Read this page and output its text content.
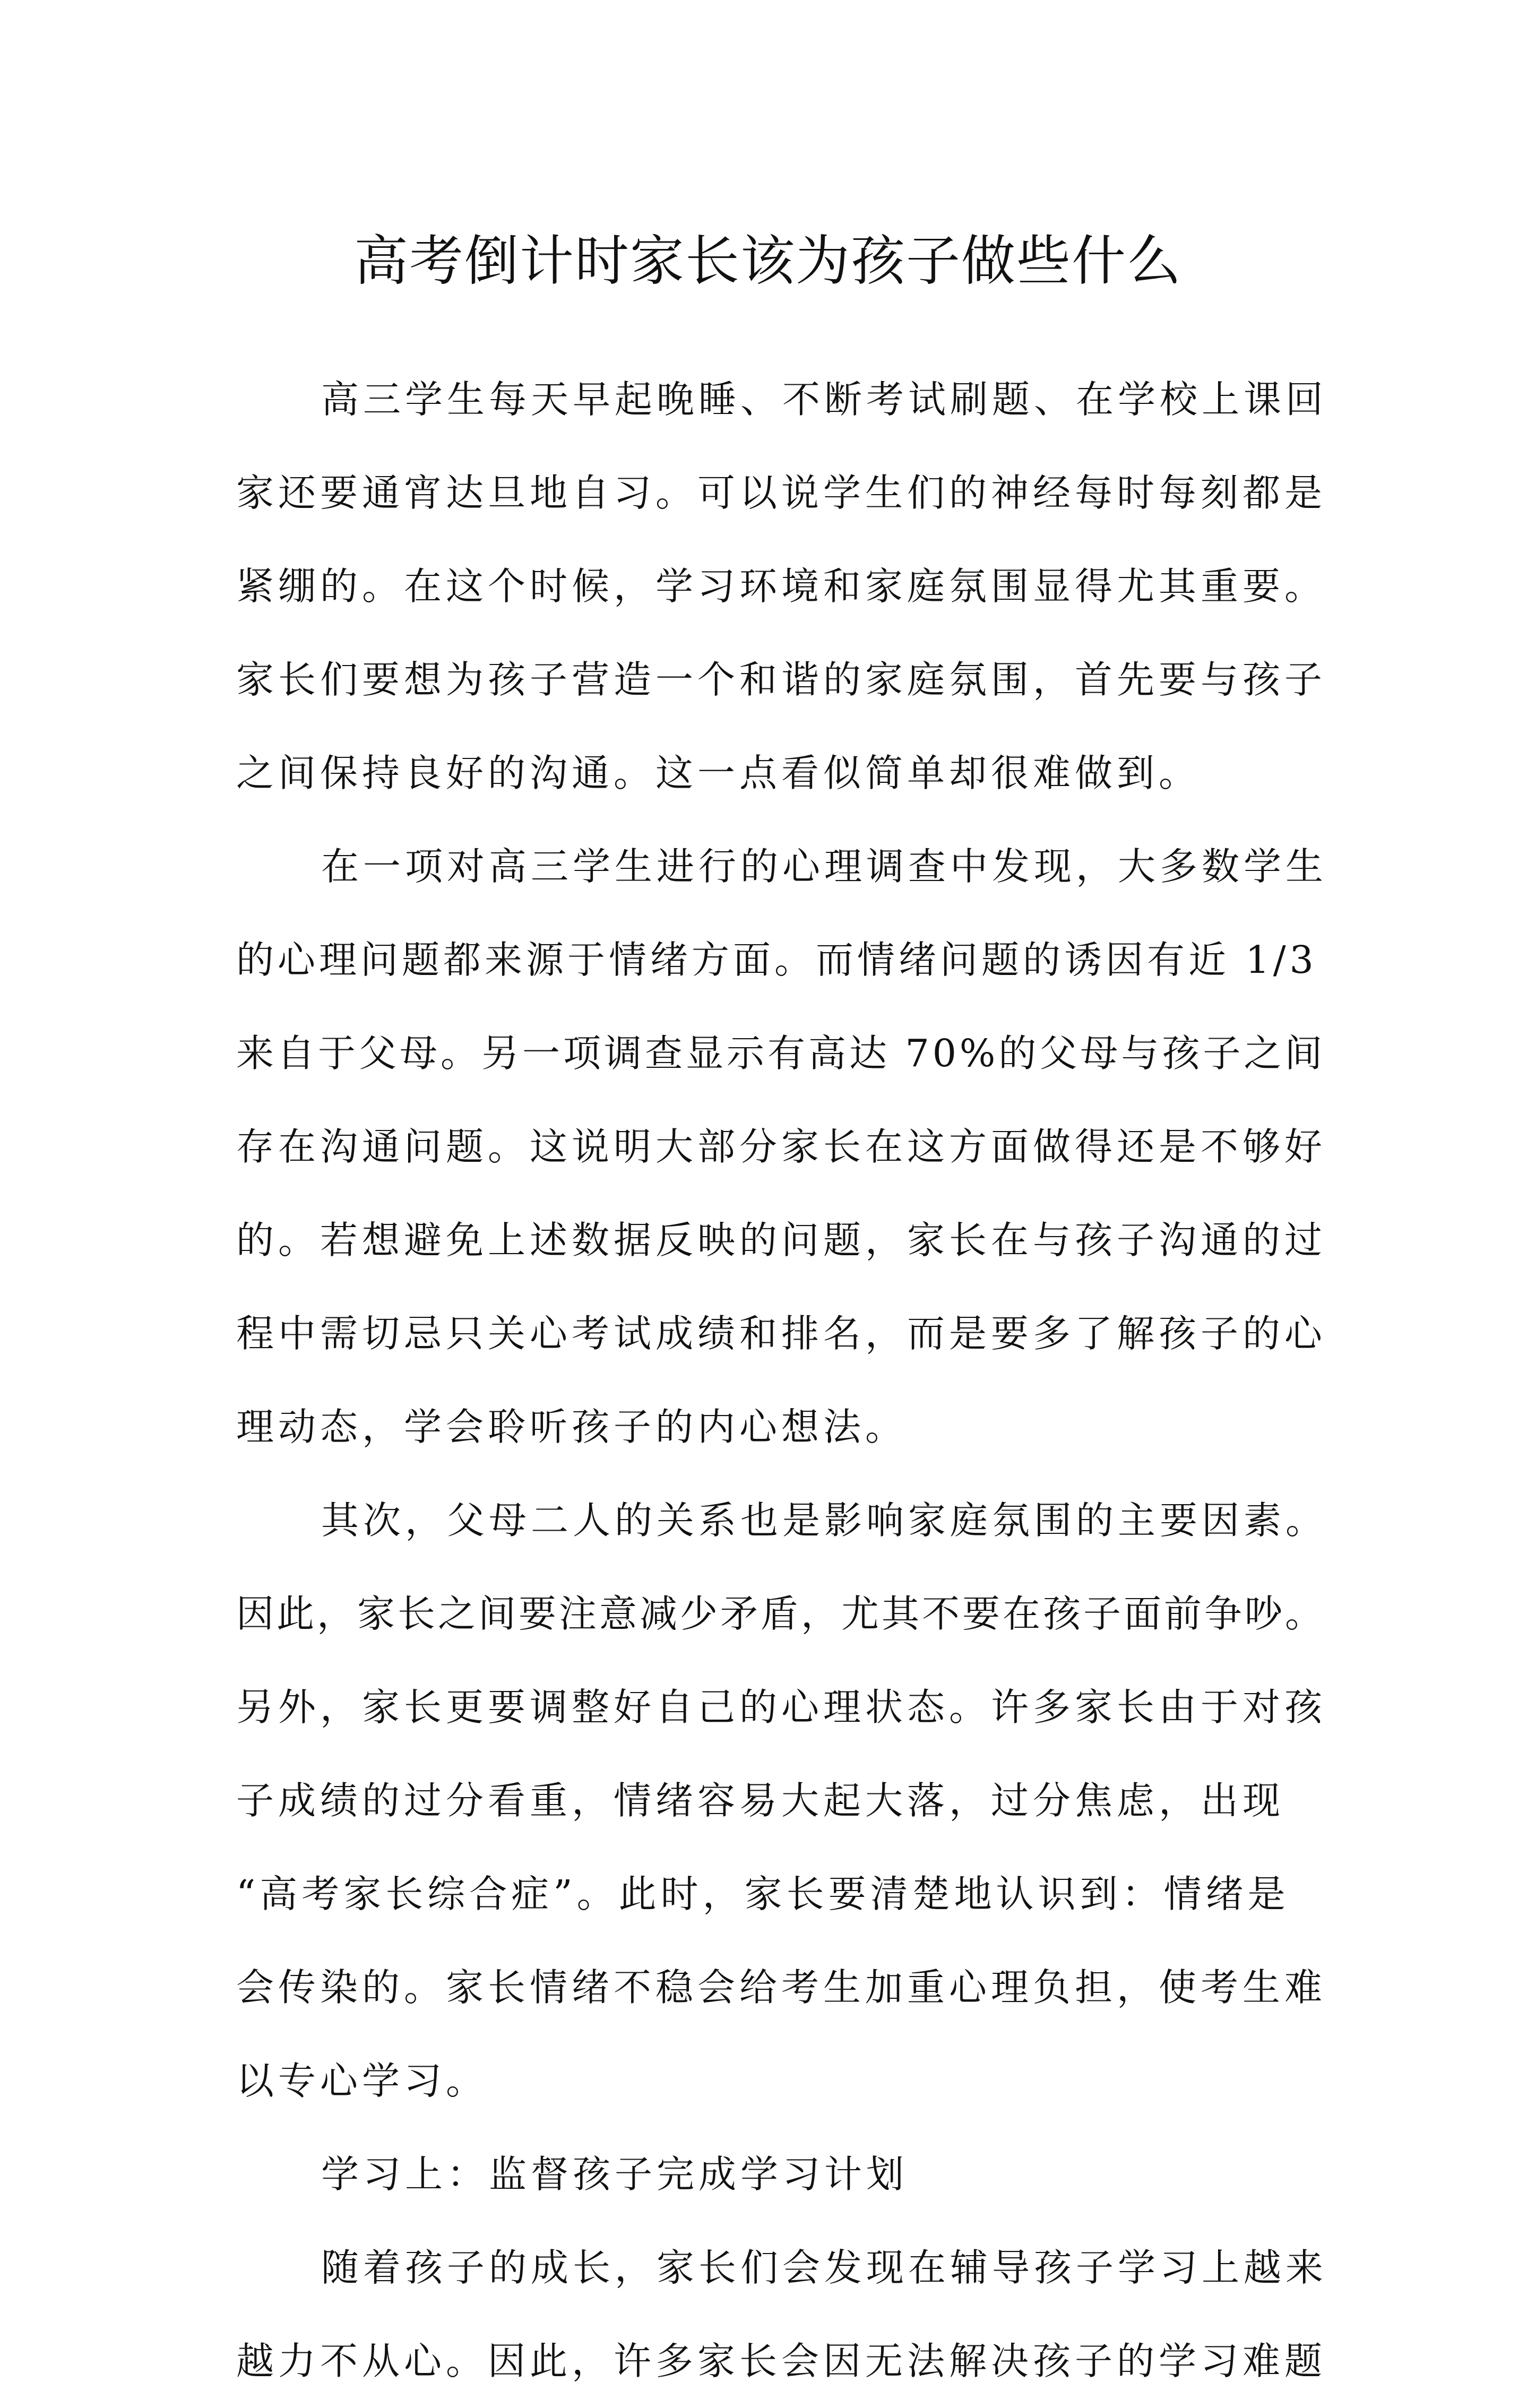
高考倒计时家长该为孩子做些什么
高三学生每天早起晚睡、不断考试刷题、在学校上课回
家还要通宵达旦地自习。可以说学生们的神经每时每刻都是
紧绷的。在这个时候，学习环境和家庭氛围显得尤其重要。
家长们要想为孩子营造一个和谐的家庭氛围，首先要与孩子
之间保持良好的沟通。这一点看似简单却很难做到。
在一项对高三学生进行的心理调查中发现，大多数学生
的心理问题都来源于情绪方面。而情绪问题的诱因有近 1/3
来自于父母。另一项调查显示有高达 70%的父母与孩子之间
存在沟通问题。这说明大部分家长在这方面做得还是不够好
的。若想避免上述数据反映的问题，家长在与孩子沟通的过
程中需切忌只关心考试成绩和排名，而是要多了解孩子的心
理动态，学会聆听孩子的内心想法。
其次，父母二人的关系也是影响家庭氛围的主要因素。
因此，家长之间要注意减少矛盾，尤其不要在孩子面前争吵。
另外，家长更要调整好自己的心理状态。许多家长由于对孩
子成绩的过分看重，情绪容易大起大落，过分焦虑，出现
“高考家长综合症”。此时，家长要清楚地认识到：情绪是
会传染的。家长情绪不稳会给考生加重心理负担，使考生难
以专心学习。
学习上：监督孩子完成学习计划
随着孩子的成长，家长们会发现在辅导孩子学习上越来
越力不从心。因此，许多家长会因无法解决孩子的学习难题
